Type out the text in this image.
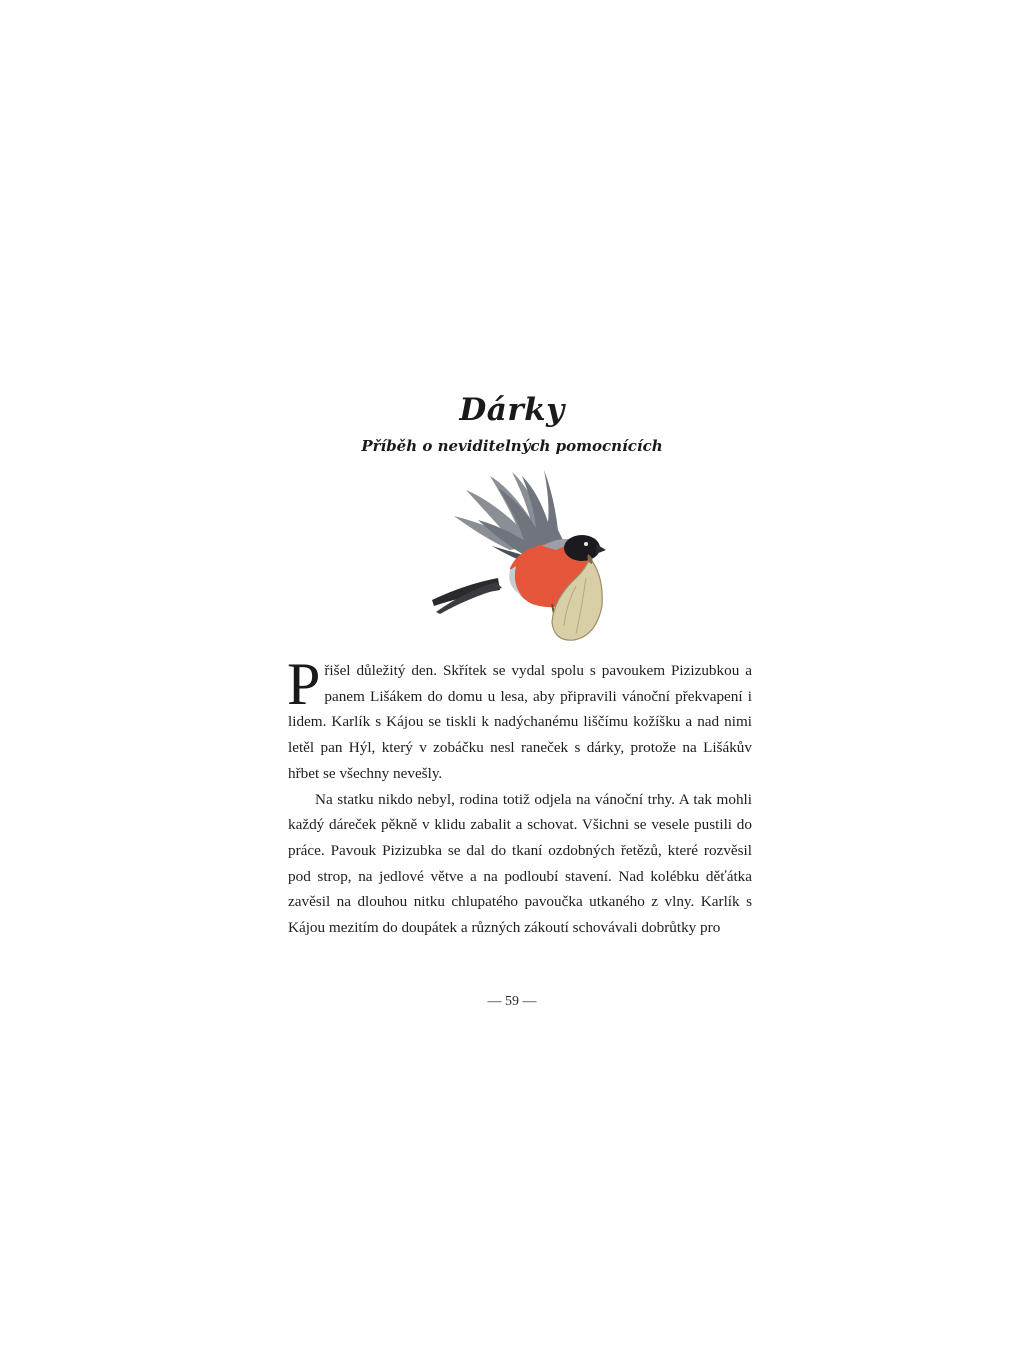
Dárky
Příběh o neviditelných pomocnících

Přišel důležitý den. Skřítek se vydal spolu s pavoukem Pizizubkou a panem Lišákem do domu u lesa, aby připravili vánoční překvapení i lidem. Karlík s Kájou se tiskli k nadýchanému liščímu kožíšku a nad nimi letěl pan Hýl, který v zobáčku nesl raneček s dárky, protože na Lišákův hřbet se všechny nevešly.

Na statku nikdo nebyl, rodina totiž odjela na vánoční trhy. A tak mohli každý dáreček pěkně v klidu zabalit a schovat. Všichni se vesele pustili do práce. Pavouk Pizizubka se dal do tkaní ozdobných řetězů, které rozvěsil pod strop, na jedlové větve a na podloubí stavení. Nad kolébku děťátka zavěsil na dlouhou nitku chlupatého pavoučka utkaného z vlny. Karlík s Kájou mezitím do doupátek a různých zákoutí schovávali dobrůtky pro

— 59 —
